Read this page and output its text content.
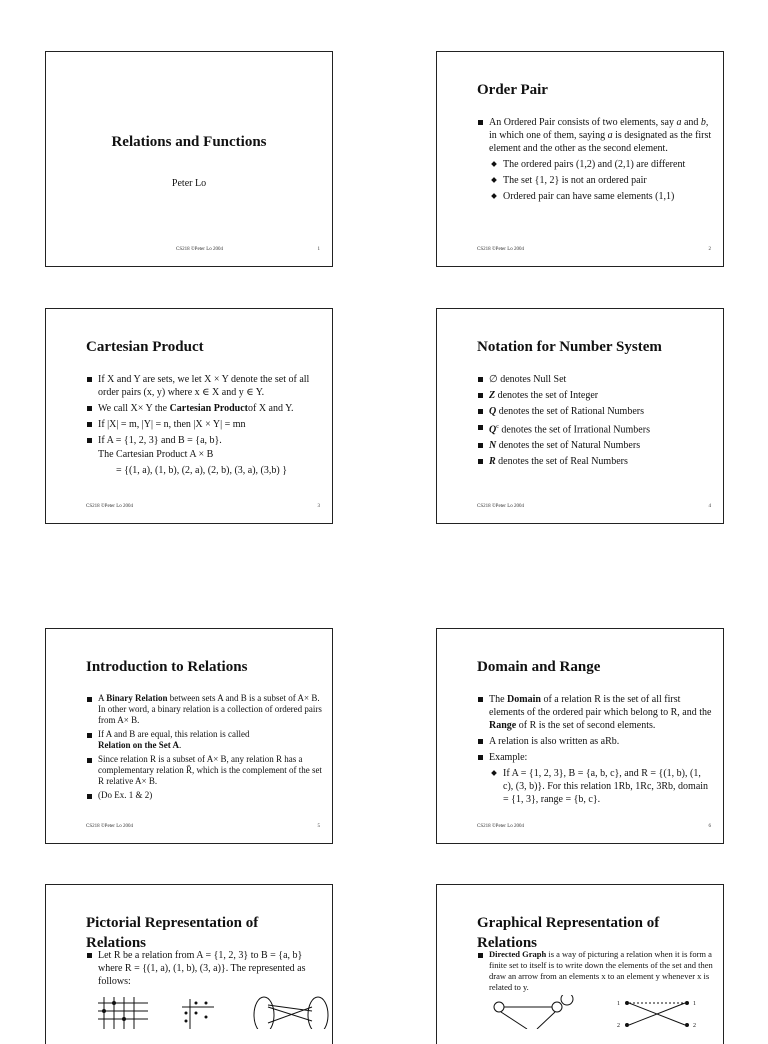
Relations and Functions
Peter Lo
CS218 ©Peter Lo 2004	1
Order Pair
An Ordered Pair consists of two elements, say a and b, in which one of them, saying a is designated as the first element and the other as the second element.
The ordered pairs (1,2) and (2,1) are different
The set {1, 2} is not an ordered pair
Ordered pair can have same elements (1,1)
CS218 ©Peter Lo 2004	2
Cartesian Product
If X and Y are sets, we let X × Y denote the set of all order pairs (x, y) where x ∈ X and y ∈ Y.
We call X× Y the Cartesian Productof X and Y.
If |X| = m, |Y| = n, then |X × Y| = mn
If A = {1, 2, 3} and B = {a, b}.
The Cartesian Product A × B
= {(1, a), (1, b), (2, a), (2, b), (3, a), (3,b) }
CS218 ©Peter Lo 2004	3
Notation for Number System
∅ denotes Null Set
Z denotes the set of Integer
Q denotes the set of Rational Numbers
$Q^c$ denotes the set of Irrational Numbers
N denotes the set of Natural Numbers
R denotes the set of Real Numbers
CS218 ©Peter Lo 2004	4
Introduction to Relations
A Binary Relation between sets A and B is a subset of A× B. In other word, a binary relation is a collection of ordered pairs from A× B.
If A and B are equal, this relation is called
Relation on the Set A.
Since relation R is a subset of A× B, any relation R has a complementary relation R̄, which is the complement of the set R relative A× B.
(Do Ex. 1 & 2)
CS218 ©Peter Lo 2004	5
Domain and Range
The Domain of a relation R is the set of all first elements of the ordered pair which belong to R, and the Range of R is the set of second elements.
A relation is also written as aRb.
Example:
If A = {1, 2, 3}, B = {a, b, c}, and R = {(1, b), (1, c), (3, b)}. For this relation 1Rb, 1Rc, 3Rb, domain = {1, 3}, range = {b, c}.
CS218 ©Peter Lo 2004	6
Pictorial Representation of Relations
Let R be a relation from A = {1, 2, 3} to B = {a, b} where R = {(1, a), (1, b), (3, a)}. The represented as follows:
Graphical Representation of Relations
Directed Graph is a way of picturing a relation when it is form a finite set to itself is to write down the elements of the set and then draw an arrow from an elements x to an element y whenever x is related to y.
1
2
1
2
